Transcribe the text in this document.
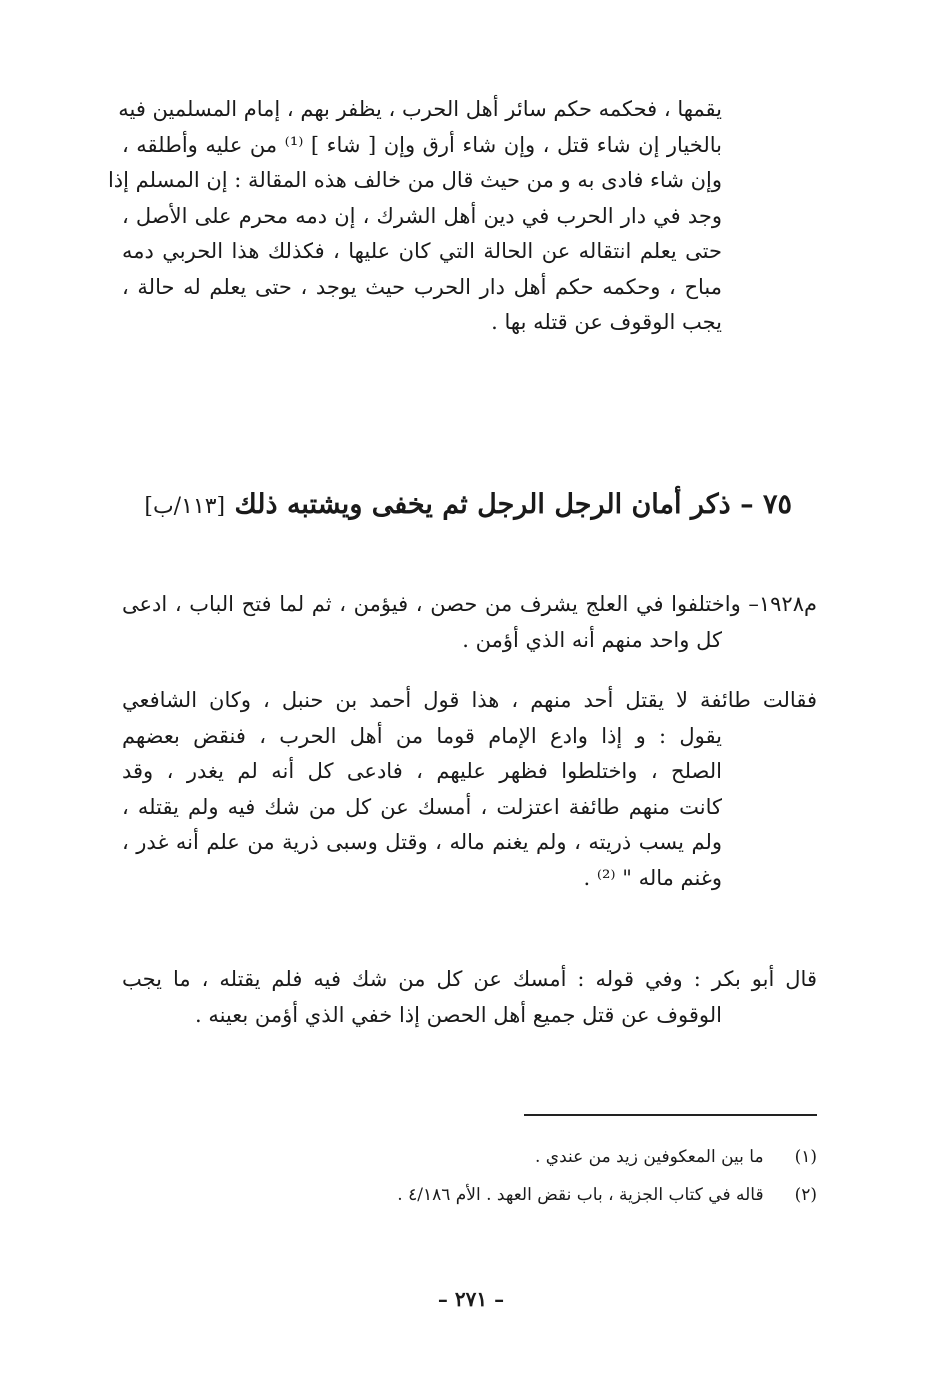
يقمها ، فحكمه حكم سائر أهل الحرب ، يظفر بهم ، إمام المسلمين فيه
بالخيار إن شاء قتل ، وإن شاء أرق وإن [ شاء ] ⁽¹⁾ من عليه وأطلقه ،
وإن شاء فادى به و من حيث قال من خالف هذه المقالة : إن المسلم إذا
وجد في دار الحرب في دين أهل الشرك ، إن دمه محرم على الأصل ،
حتى يعلم انتقاله عن الحالة التي كان عليها ، فكذلك هذا الحربي دمه
مباح ، وحكمه حكم أهل دار الحرب حيث يوجد ، حتى يعلم له حالة ،
يجب الوقوف عن قتله بها .
٧٥ – ذكر أمان الرجل الرجل ثم يخفى ويشتبه ذلك [١١٣/ب]
م١٩٢٨– واختلفوا في العلج يشرف من حصن ، فيؤمن ، ثم لما فتح الباب ، ادعى
كل واحد منهم أنه الذي أؤمن .
فقالت طائفة لا يقتل أحد منهم ، هذا قول أحمد بن حنبل ، وكان الشافعي
يقول : و إذا وادع الإمام قوما من أهل الحرب ، فنقض بعضهم
الصلح ، واختلطوا فظهر عليهم ، فادعى كل أنه لم يغدر ، وقد
كانت منهم طائفة اعتزلت ، أمسك عن كل من شك فيه ولم يقتله ،
ولم يسب ذريته ، ولم يغنم ماله ، وقتل وسبى ذرية من علم أنه غدر ،
وغنم ماله " ⁽²⁾ .
قال أبو بكر : وفي قوله : أمسك عن كل من شك فيه فلم يقتله ، ما يجب
الوقوف عن قتل جميع أهل الحصن إذا خفي الذي أؤمن بعينه .
(١) ما بين المعكوفين زيد من عندي .
(٢) قاله في كتاب الجزية ، باب نقض العهد . الأم ٤/١٨٦ .
– ٢٧١ –
